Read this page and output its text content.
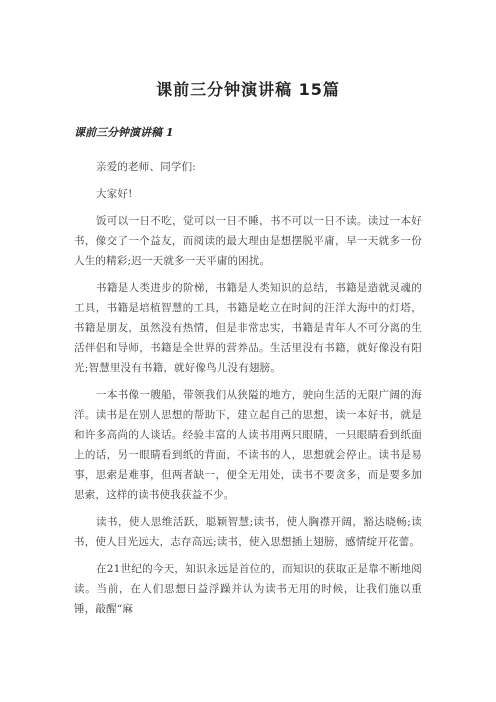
课前三分钟演讲稿 15篇
课前三分钟演讲稿 1

亲爱的老师、同学们:

大家好!

饭可以一日不吃，觉可以一日不睡，书不可以一日不读。读过一本好书，像交了一个益友，而阅读的最大理由是想摆脱平庸，早一天就多一份人生的精彩;迟一天就多一天平庸的困扰。

书籍是人类进步的阶梯，书籍是人类知识的总结，书籍是造就灵魂的工具，书籍是培植智慧的工具，书籍是屹立在时间的汪洋大海中的灯塔，书籍是朋友，虽然没有热情，但是非常忠实，书籍是青年人不可分离的生活伴侣和导师，书籍是全世界的营养品。生活里没有书籍，就好像没有阳光;智慧里没有书籍，就好像鸟儿没有翅膀。

一本书像一艘船，带领我们从狭隘的地方，驶向生活的无限广阔的海洋。读书是在别人思想的帮助下，建立起自己的思想，读一本好书，就是和许多高尚的人谈话。经验丰富的人读书用两只眼睛，一只眼睛看到纸面上的话，另一眼睛看到纸的背面，不读书的人，思想就会停止。读书是易事，思索是难事，但两者缺一，便全无用处，读书不要贪多，而是要多加思索，这样的读书使我获益不少。

读书，使人思维活跃，聪颖智慧;读书，使人胸襟开阔，豁达晓畅;读书，使人目光远大，志存高远;读书，使入思想插上翅膀，感情绽开花蕾。

在21世纪的今天，知识永远是首位的，而知识的获取正是靠不断地阅读。当前，在人们思想日益浮躁并认为读书无用的时候，让我们施以重锤，敲醒“麻
